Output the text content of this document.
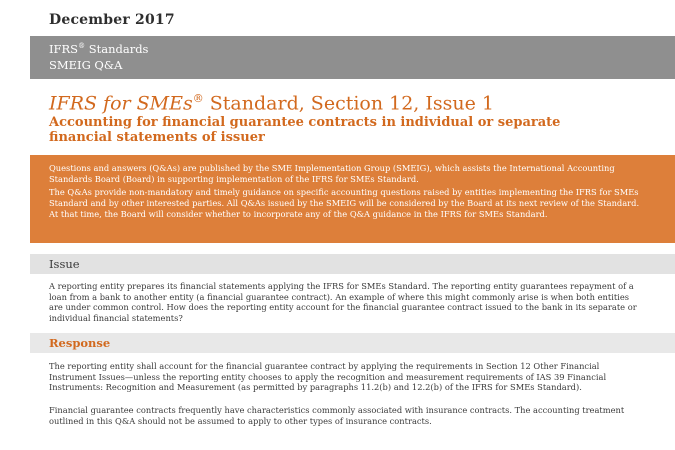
December 2017
IFRS® Standards
SMEIG Q&A
IFRS for SMEs® Standard, Section 12, Issue 1
Accounting for financial guarantee contracts in individual or separate financial statements of issuer

Questions and answers (Q&As) are published by the SME Implementation Group (SMEIG), which assists the International Accounting Standards Board (Board) in supporting implementation of the IFRS for SMEs Standard.

The Q&As provide non-mandatory and timely guidance on specific accounting questions raised by entities implementing the IFRS for SMEs Standard and by other interested parties. All Q&As issued by the SMEIG will be considered by the Board at its next review of the Standard. At that time, the Board will consider whether to incorporate any of the Q&A guidance in the IFRS for SMEs Standard.

Issue

A reporting entity prepares its financial statements applying the IFRS for SMEs Standard. The reporting entity guarantees repayment of a loan from a bank to another entity (a financial guarantee contract). An example of where this might commonly arise is when both entities are under common control. How does the reporting entity account for the financial guarantee contract issued to the bank in its separate or individual financial statements?

Response

The reporting entity shall account for the financial guarantee contract by applying the requirements in Section 12 Other Financial Instrument Issues—unless the reporting entity chooses to apply the recognition and measurement requirements of IAS 39 Financial Instruments: Recognition and Measurement (as permitted by paragraphs 11.2(b) and 12.2(b) of the IFRS for SMEs Standard).

Financial guarantee contracts frequently have characteristics commonly associated with insurance contracts. The accounting treatment outlined in this Q&A should not be assumed to apply to other types of insurance contracts.
